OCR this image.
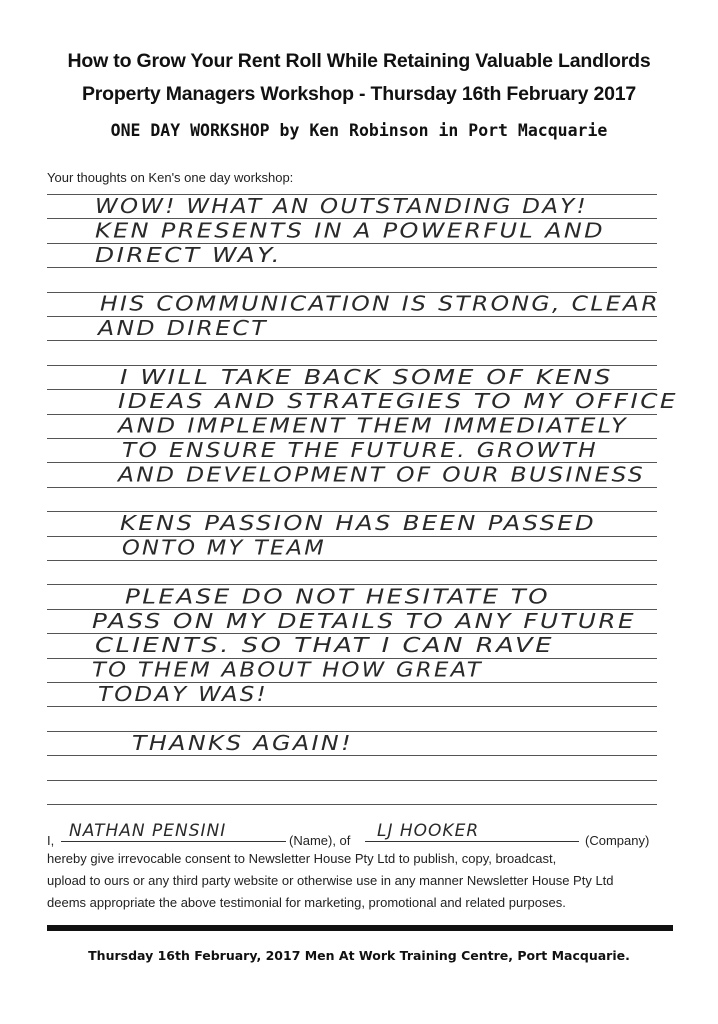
How to Grow Your Rent Roll While Retaining Valuable Landlords
Property Managers Workshop - Thursday 16th February 2017
ONE DAY WORKSHOP by Ken Robinson in Port Macquarie
Your thoughts on Ken's one day workshop:
WOW! WHAT AN OUTSTANDING DAY!
KEN PRESENTS IN A POWERFUL AND
DIRECT WAY.
HIS COMMUNICATION IS STRONG, CLEAR
AND DIRECT
I WILL TAKE BACK SOME OF KENS
IDEAS AND STRATEGIES TO MY OFFICE
AND IMPLEMENT THEM IMMEDIATELY
TO ENSURE THE FUTURE. GROWTH
AND DEVELOPMENT OF OUR BUSINESS
KENS PASSION HAS BEEN PASSED
ONTO MY TEAM
PLEASE DO NOT HESITATE TO
PASS ON MY DETAILS TO ANY FUTURE
CLIENTS. SO THAT I CAN RAVE
TO THEM ABOUT HOW GREAT
TODAY WAS!
THANKS AGAIN!
I, NATHAN PENSINI	(Name), of LJ HOOKER	(Company)
hereby give irrevocable consent to Newsletter House Pty Ltd to publish, copy, broadcast,
upload to ours or any third party website or otherwise use in any manner Newsletter House Pty Ltd
deems appropriate the above testimonial for marketing, promotional and related purposes.
Thursday 16th February, 2017 Men At Work Training Centre, Port Macquarie.
